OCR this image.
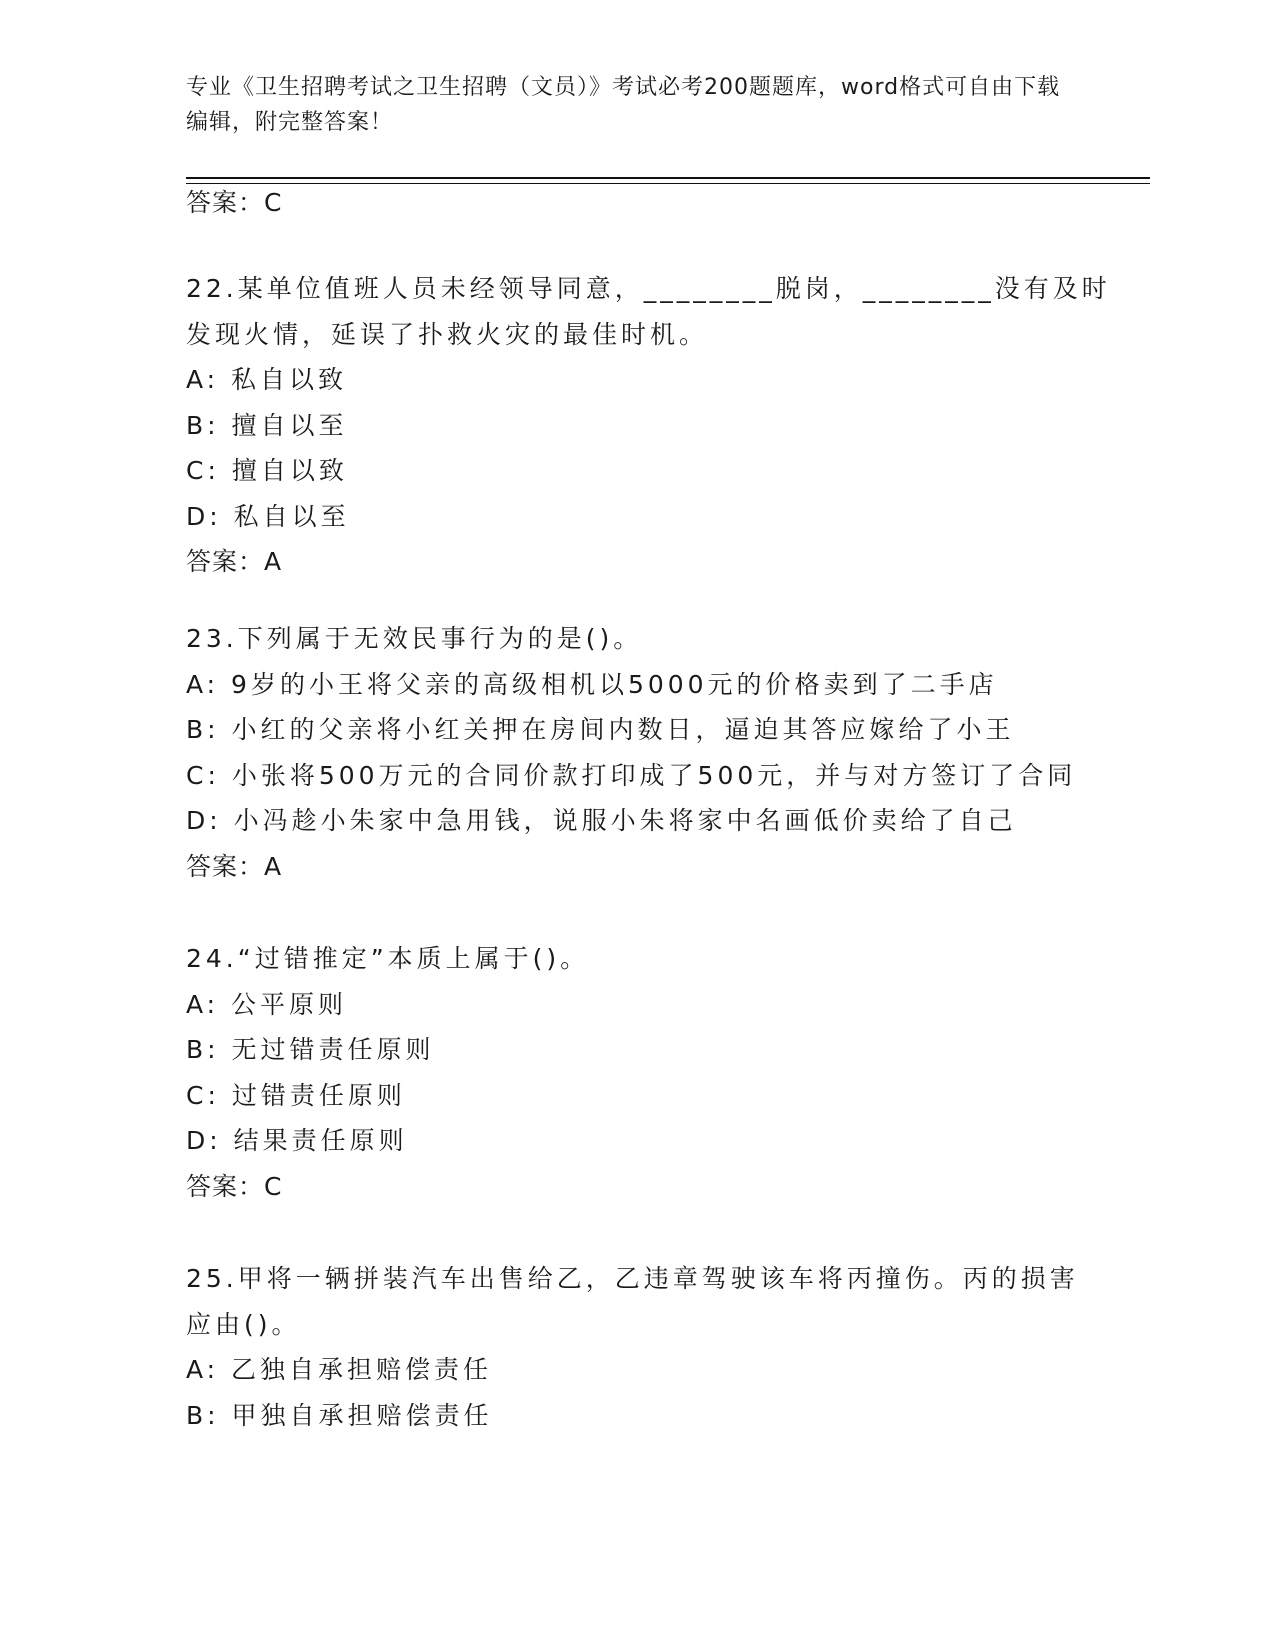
专业《卫生招聘考试之卫生招聘（文员）》考试必考200题题库，word格式可自由下载编辑，附完整答案！
答案：C
22.某单位值班人员未经领导同意，________脱岗，________没有及时
发现火情，延误了扑救火灾的最佳时机。
A: 私自以致
B: 擅自以至
C: 擅自以致
D: 私自以至
答案：A
23.下列属于无效民事行为的是()。
A: 9岁的小王将父亲的高级相机以5000元的价格卖到了二手店
B: 小红的父亲将小红关押在房间内数日，逼迫其答应嫁给了小王
C: 小张将500万元的合同价款打印成了500元，并与对方签订了合同
D: 小冯趁小朱家中急用钱，说服小朱将家中名画低价卖给了自己
答案：A
24.“过错推定”本质上属于()。
A: 公平原则
B: 无过错责任原则
C: 过错责任原则
D: 结果责任原则
答案：C
25.甲将一辆拼装汽车出售给乙，乙违章驾驶该车将丙撞伤。丙的损害
应由()。
A: 乙独自承担赔偿责任
B: 甲独自承担赔偿责任
